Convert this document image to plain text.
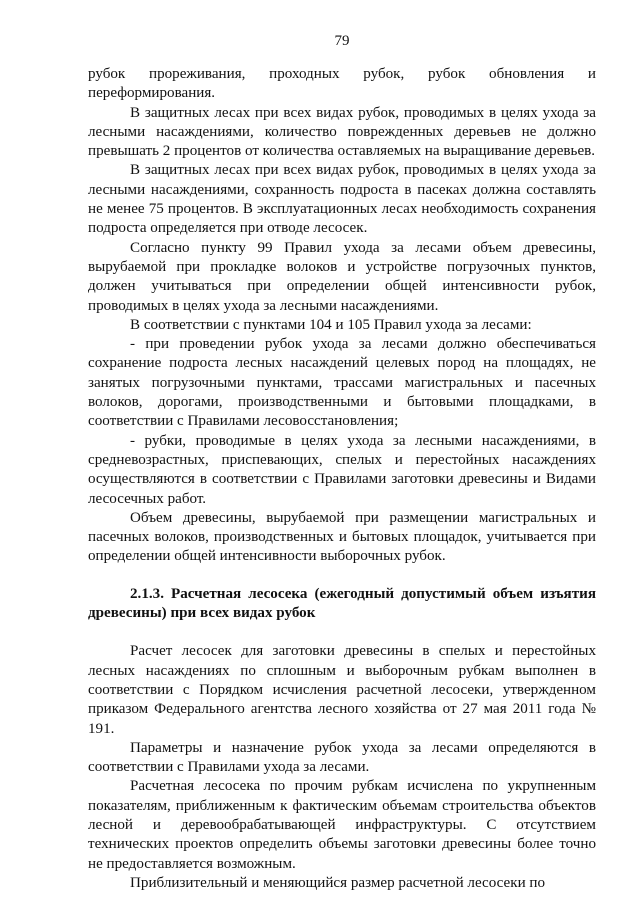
79

рубок прореживания, проходных рубок, рубок обновления и переформирования.

В защитных лесах при всех видах рубок, проводимых в целях ухода за лесными насаждениями, количество поврежденных деревьев не должно превышать 2 процентов от количества оставляемых на выращивание деревьев.

В защитных лесах при всех видах рубок, проводимых в целях ухода за лесными насаждениями, сохранность подроста в пасеках должна составлять не менее 75 процентов. В эксплуатационных лесах необходимость сохранения подроста определяется при отводе лесосек.

Согласно пункту 99 Правил ухода за лесами объем древесины, вырубаемой при прокладке волоков и устройстве погрузочных пунктов, должен учитываться при определении общей интенсивности рубок, проводимых в целях ухода за лесными насаждениями.

В соответствии с пунктами 104 и 105 Правил ухода за лесами:

- при проведении рубок ухода за лесами должно обеспечиваться сохранение подроста лесных насаждений целевых пород на площадях, не занятых погрузочными пунктами, трассами магистральных и пасечных волоков, дорогами, производственными и бытовыми площадками, в соответствии с Правилами лесовосстановления;

- рубки, проводимые в целях ухода за лесными насаждениями, в средневозрастных, приспевающих, спелых и перестойных насаждениях осуществляются в соответствии с Правилами заготовки древесины и Видами лесосечных работ.

Объем древесины, вырубаемой при размещении магистральных и пасечных волоков, производственных и бытовых площадок, учитывается при определении общей интенсивности выборочных рубок.

2.1.3. Расчетная лесосека (ежегодный допустимый объем изъятия древесины) при всех видах рубок

Расчет лесосек для заготовки древесины в спелых и перестойных лесных насаждениях по сплошным и выборочным рубкам выполнен в соответствии с Порядком исчисления расчетной лесосеки, утвержденном приказом Федерального агентства лесного хозяйства от 27 мая 2011 года № 191.

Параметры и назначение рубок ухода за лесами определяются в соответствии с Правилами ухода за лесами.

Расчетная лесосека по прочим рубкам исчислена по укрупненным показателям, приближенным к фактическим объемам строительства объектов лесной и деревообрабатывающей инфраструктуры. С отсутствием технических проектов определить объемы заготовки древесины более точно не предоставляется возможным.

Приблизительный и меняющийся размер расчетной лесосеки по
